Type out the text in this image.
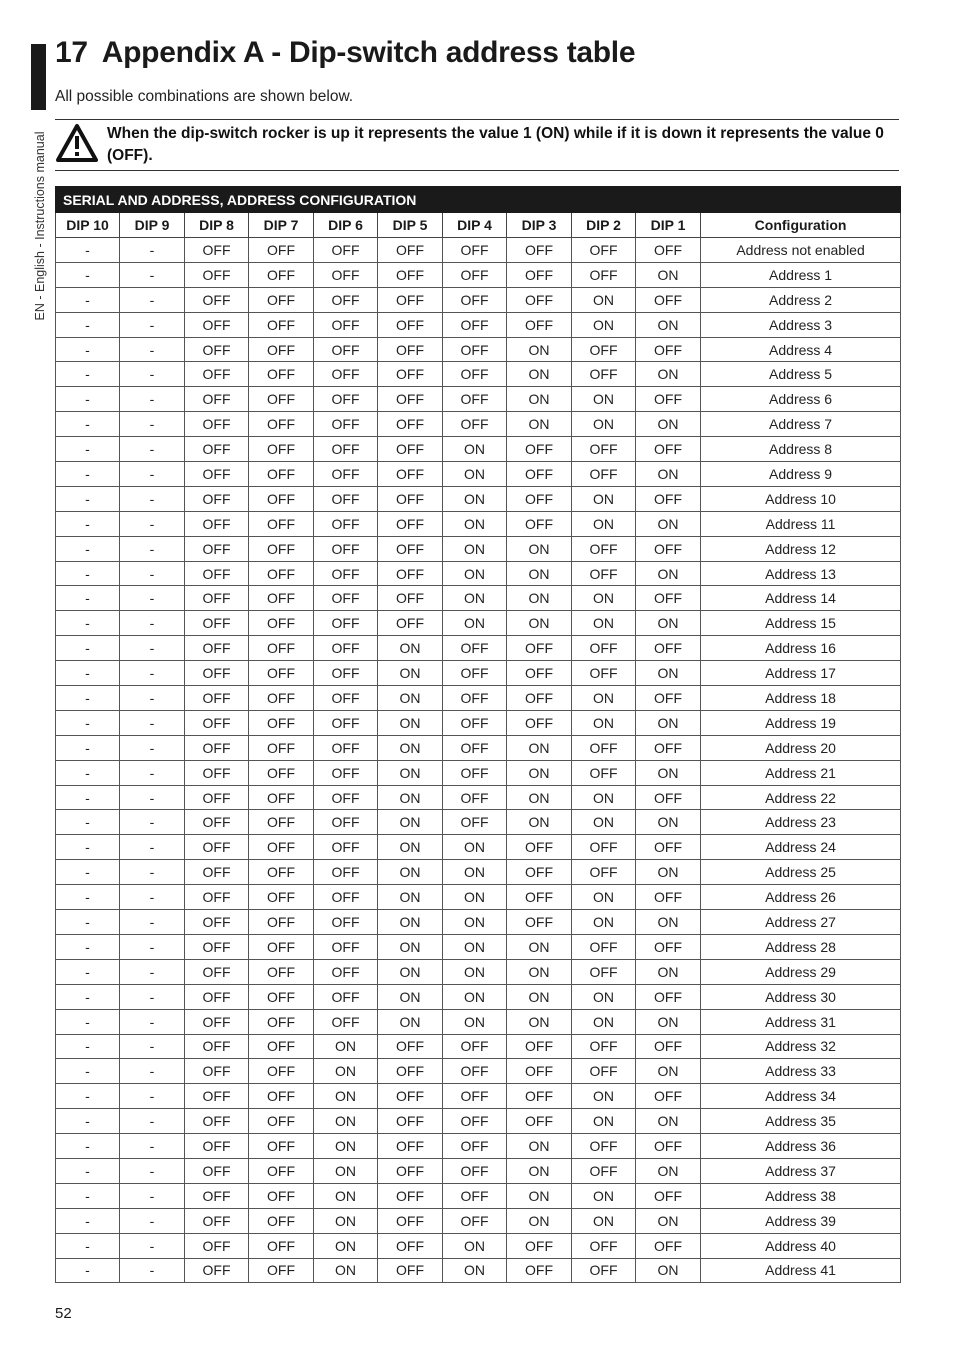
EN - English - Instructions manual
17 Appendix A - Dip-switch address table
All possible combinations are shown below.
When the dip-switch rocker is up it represents the value 1 (ON) while if it is down it represents the value 0 (OFF).
SERIAL AND ADDRESS, ADDRESS CONFIGURATION										
DIP 10	DIP 9	DIP 8	DIP 7	DIP 6	DIP 5	DIP 4	DIP 3	DIP 2	DIP 1	Configuration
-	-	OFF	OFF	OFF	OFF	OFF	OFF	OFF	OFF	Address not enabled
-	-	OFF	OFF	OFF	OFF	OFF	OFF	OFF	ON	Address 1
-	-	OFF	OFF	OFF	OFF	OFF	OFF	ON	OFF	Address 2
-	-	OFF	OFF	OFF	OFF	OFF	OFF	ON	ON	Address 3
-	-	OFF	OFF	OFF	OFF	OFF	ON	OFF	OFF	Address 4
-	-	OFF	OFF	OFF	OFF	OFF	ON	OFF	ON	Address 5
-	-	OFF	OFF	OFF	OFF	OFF	ON	ON	OFF	Address 6
-	-	OFF	OFF	OFF	OFF	OFF	ON	ON	ON	Address 7
-	-	OFF	OFF	OFF	OFF	ON	OFF	OFF	OFF	Address 8
-	-	OFF	OFF	OFF	OFF	ON	OFF	OFF	ON	Address 9
-	-	OFF	OFF	OFF	OFF	ON	OFF	ON	OFF	Address 10
-	-	OFF	OFF	OFF	OFF	ON	OFF	ON	ON	Address 11
-	-	OFF	OFF	OFF	OFF	ON	ON	OFF	OFF	Address 12
-	-	OFF	OFF	OFF	OFF	ON	ON	OFF	ON	Address 13
-	-	OFF	OFF	OFF	OFF	ON	ON	ON	OFF	Address 14
-	-	OFF	OFF	OFF	OFF	ON	ON	ON	ON	Address 15
-	-	OFF	OFF	OFF	ON	OFF	OFF	OFF	OFF	Address 16
-	-	OFF	OFF	OFF	ON	OFF	OFF	OFF	ON	Address 17
-	-	OFF	OFF	OFF	ON	OFF	OFF	ON	OFF	Address 18
-	-	OFF	OFF	OFF	ON	OFF	OFF	ON	ON	Address 19
-	-	OFF	OFF	OFF	ON	OFF	ON	OFF	OFF	Address 20
-	-	OFF	OFF	OFF	ON	OFF	ON	OFF	ON	Address 21
-	-	OFF	OFF	OFF	ON	OFF	ON	ON	OFF	Address 22
-	-	OFF	OFF	OFF	ON	OFF	ON	ON	ON	Address 23
-	-	OFF	OFF	OFF	ON	ON	OFF	OFF	OFF	Address 24
-	-	OFF	OFF	OFF	ON	ON	OFF	OFF	ON	Address 25
-	-	OFF	OFF	OFF	ON	ON	OFF	ON	OFF	Address 26
-	-	OFF	OFF	OFF	ON	ON	OFF	ON	ON	Address 27
-	-	OFF	OFF	OFF	ON	ON	ON	OFF	OFF	Address 28
-	-	OFF	OFF	OFF	ON	ON	ON	OFF	ON	Address 29
-	-	OFF	OFF	OFF	ON	ON	ON	ON	OFF	Address 30
-	-	OFF	OFF	OFF	ON	ON	ON	ON	ON	Address 31
-	-	OFF	OFF	ON	OFF	OFF	OFF	OFF	OFF	Address 32
-	-	OFF	OFF	ON	OFF	OFF	OFF	OFF	ON	Address 33
-	-	OFF	OFF	ON	OFF	OFF	OFF	ON	OFF	Address 34
-	-	OFF	OFF	ON	OFF	OFF	OFF	ON	ON	Address 35
-	-	OFF	OFF	ON	OFF	OFF	ON	OFF	OFF	Address 36
-	-	OFF	OFF	ON	OFF	OFF	ON	OFF	ON	Address 37
-	-	OFF	OFF	ON	OFF	OFF	ON	ON	OFF	Address 38
-	-	OFF	OFF	ON	OFF	OFF	ON	ON	ON	Address 39
-	-	OFF	OFF	ON	OFF	ON	OFF	OFF	OFF	Address 40
-	-	OFF	OFF	ON	OFF	ON	OFF	OFF	ON	Address 41
52
